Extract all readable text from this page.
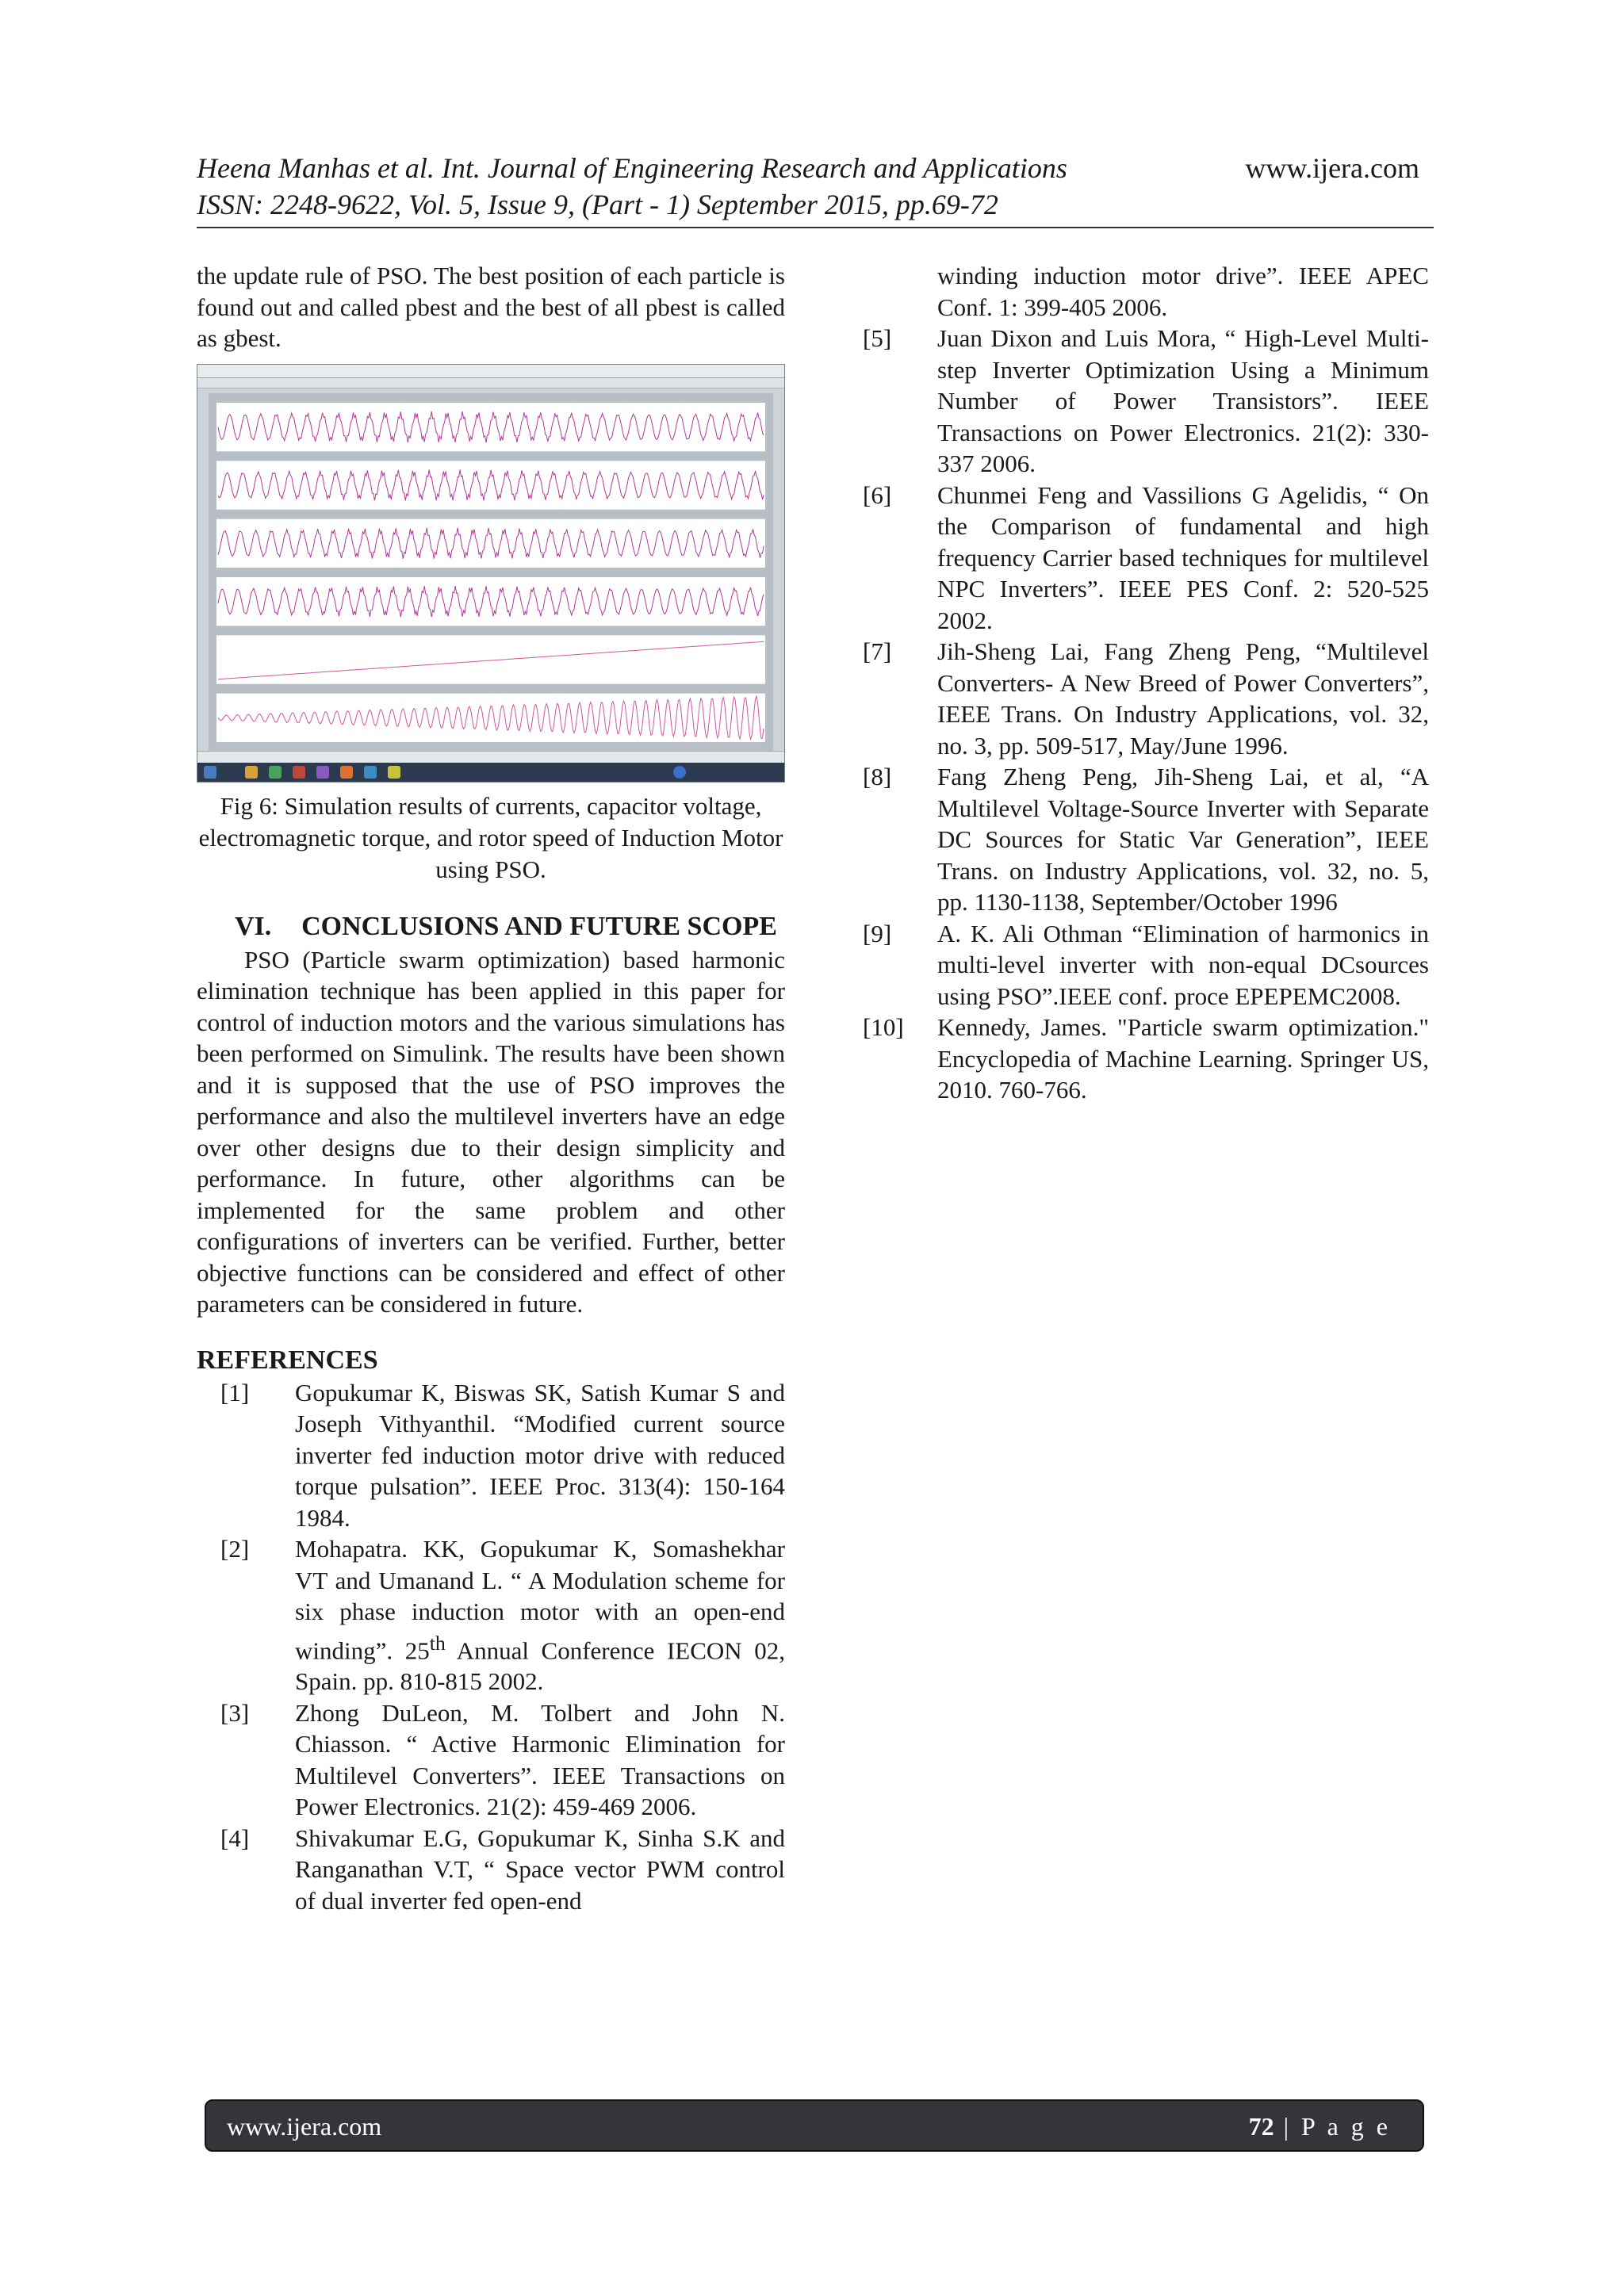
Heena Manhas et al. Int. Journal of Engineering Research and Applications	www.ijera.com
ISSN: 2248-9622, Vol. 5, Issue 9, (Part - 1) September 2015, pp.69-72

the update rule of PSO. The best position of each particle is found out and called pbest and the best of all pbest is called as gbest.

Fig 6: Simulation results of currents, capacitor voltage, electromagnetic torque, and rotor speed of Induction Motor using PSO.

VI.	CONCLUSIONS AND FUTURE SCOPE

PSO (Particle swarm optimization) based harmonic elimination technique has been applied in this paper for control of induction motors and the various simulations has been performed on Simulink. The results have been shown and it is supposed that the use of PSO improves the performance and also the multilevel inverters have an edge over other designs due to their design simplicity and performance. In future, other algorithms can be implemented for the same problem and other configurations of inverters can be verified. Further, better objective functions can be considered and effect of other parameters can be considered in future.

REFERENCES
[1]	Gopukumar K, Biswas SK, Satish Kumar S and Joseph Vithyanthil. “Modified current source inverter fed induction motor drive with reduced torque pulsation”. IEEE Proc. 313(4): 150-164 1984.
[2]	Mohapatra. KK, Gopukumar K, Somashekhar VT and Umanand L. “ A Modulation scheme for six phase induction motor with an open-end winding”. 25th Annual Conference IECON 02, Spain. pp. 810-815 2002.
[3]	Zhong DuLeon, M. Tolbert and John N. Chiasson. “ Active Harmonic Elimination for Multilevel Converters”. IEEE Transactions on Power Electronics. 21(2): 459-469 2006.
[4]	Shivakumar E.G, Gopukumar K, Sinha S.K and Ranganathan V.T, “ Space vector PWM control of dual inverter fed open-end
winding induction motor drive”. IEEE APEC Conf. 1: 399-405 2006.
[5]	Juan Dixon and Luis Mora, “ High-Level Multi-step Inverter Optimization Using a Minimum Number of Power Transistors”. IEEE Transactions on Power Electronics. 21(2): 330-337 2006.
[6]	Chunmei Feng and Vassilions G Agelidis, “ On the Comparison of fundamental and high frequency Carrier based techniques for multilevel NPC Inverters”. IEEE PES Conf. 2: 520-525 2002.
[7]	Jih-Sheng Lai, Fang Zheng Peng, “Multilevel Converters- A New Breed of Power Converters”, IEEE Trans. On Industry Applications, vol. 32, no. 3, pp. 509-517, May/June 1996.
[8]	Fang Zheng Peng, Jih-Sheng Lai, et al, “A Multilevel Voltage-Source Inverter with Separate DC Sources for Static Var Generation”, IEEE Trans. on Industry Applications, vol. 32, no. 5, pp. 1130-1138, September/October 1996
[9]	A. K. Ali Othman “Elimination of harmonics in multi-level inverter with non-equal DCsources using PSO”.IEEE conf. proce EPEPEMC2008.
[10]	Kennedy, James. "Particle swarm optimization." Encyclopedia of Machine Learning. Springer US, 2010. 760-766.
www.ijera.com	72 | P a g e
